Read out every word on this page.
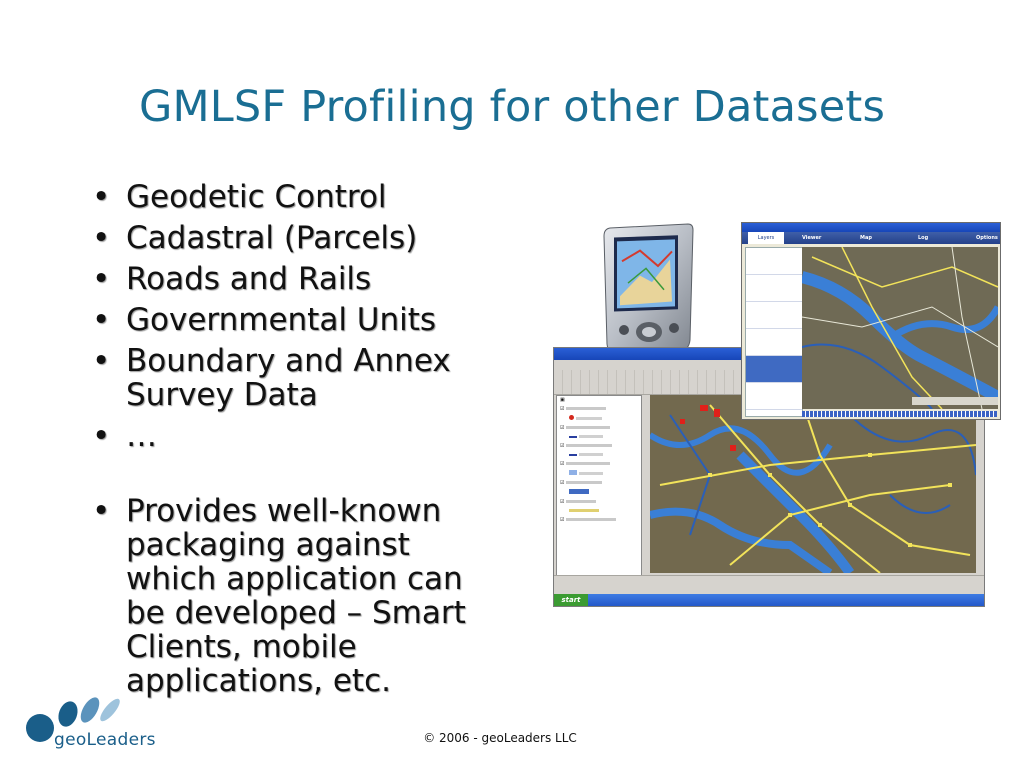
GMLSF Profiling for other Datasets
• Geodetic Control
• Cadastral (Parcels)
• Roads and Rails
• Governmental Units
• Boundary and Annex Survey Data
• …
• Provides well-known packaging against which application can be developed – Smart Clients, mobile applications, etc.
▣
☑

☑

☑

☑

☑
☑
☑
start
Layers	Viewer	Map	Log	Options
geoLeaders	© 2006 - geoLeaders LLC
